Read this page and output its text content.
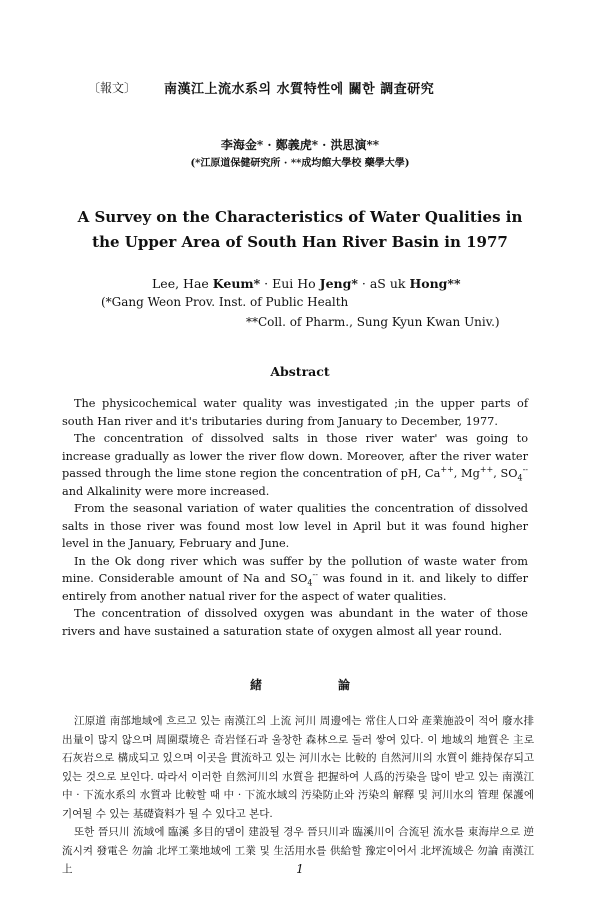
〔報文〕 南漢江上流水系의 水質特性에 關한 調査研究
李海金* · 鄭義虎* · 洪思演**
(*江原道保健研究所 · **成均館大學校 藥學大學)
A Survey on the Characteristics of Water Qualities in
the Upper Area of South Han River Basin in 1977
Lee, Hae Keum* · Eui Ho Jeng* · aS uk Hong**
(*Gang Weon Prov. Inst. of Public Health
**Coll. of Pharm., Sung Kyun Kwan Univ.)
Abstract

The physicochemical water quality was investigated ;in the upper parts of south Han river and it's tributaries during from January to December, 1977.

The concentration of dissolved salts in those river water' was going to increase gradually as lower the river flow down. Moreover, after the river water passed through the lime stone region the concentration of pH, Ca++, Mg++, $SO_4^{--}$ and Alkalinity were more increased.

From the seasonal variation of water qualities the concentration of dissolved salts in those river was found most low level in April but it was found higher level in the January, February and June.

In the Ok dong river which was suffer by the pollution of waste water from mine. Considerable amount of Na and $SO_4^{--}$ was found in it. and likely to differ entirely from another natual river for the aspect of water qualities.

The concentration of dissolved oxygen was abundant in the water of those rivers and have sustained a saturation state of oxygen almost all year round.

緒	論

江原道 南部地域에 흐르고 있는 南漢江의 上流 河川 周邊에는 常住人口와 產業施設이 적어 廢水排出量이 많지 않으며 周圍環境은 奇岩怪石과 울창한 森林으로 둘러 쌓여 있다. 이 地域의 地質은 主로 石灰岩으로 構成되고 있으며 이곳을 貫流하고 있는 河川水는 比較的 自然河川의 水質이 維持保存되고 있는 것으로 보인다. 따라서 이러한 自然河川의 水質을 把握하여 人爲的汚染을 많이 받고 있는 南漢江中 · 下流水系의 水質과 比較할 때 中 · 下流水域의 汚染防止와 汚染의 解釋 및 河川水의 管理 保護에 기여될 수 있는 基礎資料가 될 수 있다고 본다.

또한 晉只川 流域에 臨溪 多目的댐이 建設될 경우 晉只川과 臨溪川이 合流된 流水를 東海岸으로 逆流시켜 發電은 勿論 北坪工業地域에 工業 및 生活用水를 供給할 豫定이어서 北坪流域은 勿論 南漢江 上	1
